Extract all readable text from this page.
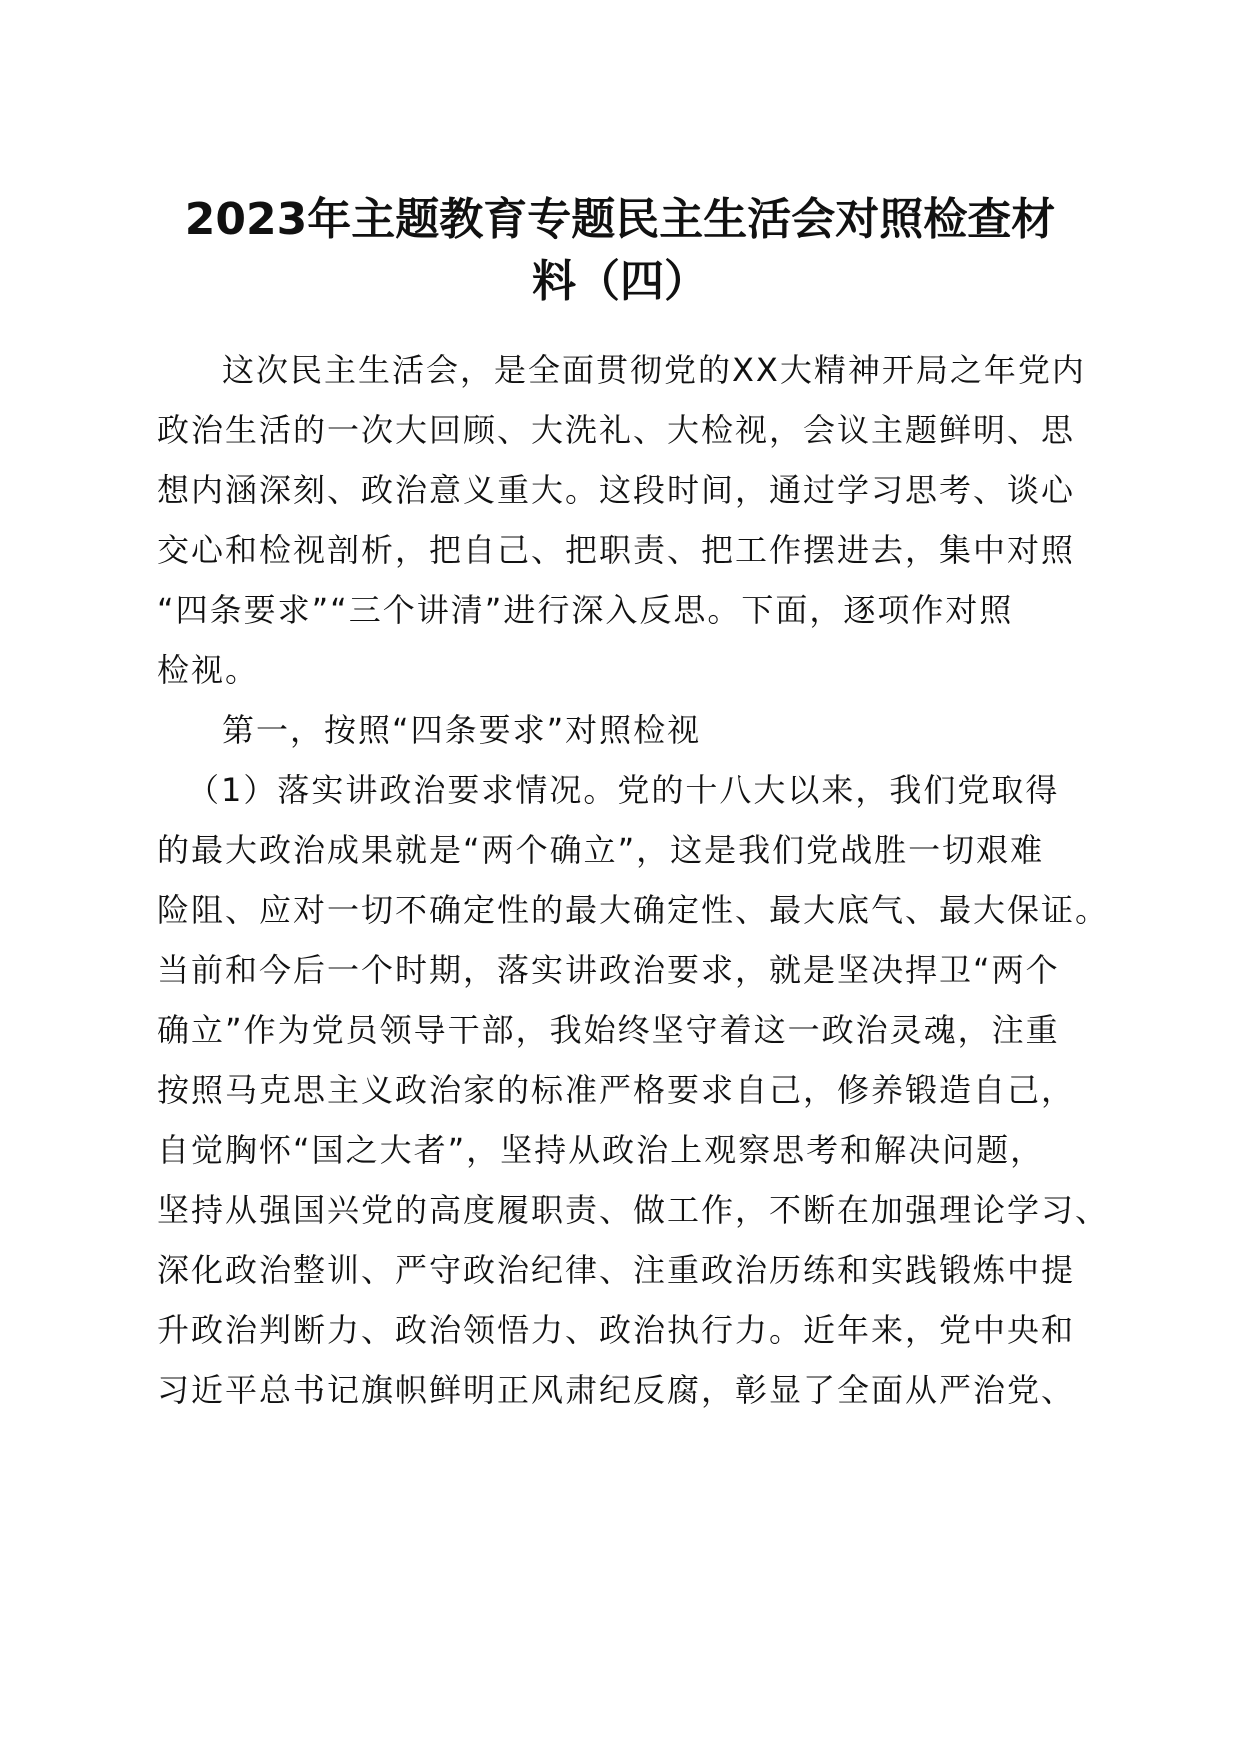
2023年主题教育专题民主生活会对照检查材
料（四）
这次民主生活会，是全面贯彻党的XX大精神开局之年党内
政治生活的一次大回顾、大洗礼、大检视，会议主题鲜明、思
想内涵深刻、政治意义重大。这段时间，通过学习思考、谈心
交心和检视剖析，把自己、把职责、把工作摆进去，集中对照
“四条要求”“三个讲清”进行深入反思。下面，逐项作对照
检视。
第一，按照“四条要求”对照检视
（1）落实讲政治要求情况。党的十八大以来，我们党取得
的最大政治成果就是“两个确立”，这是我们党战胜一切艰难
险阻、应对一切不确定性的最大确定性、最大底气、最大保证。
当前和今后一个时期，落实讲政治要求，就是坚决捍卫“两个
确立”作为党员领导干部，我始终坚守着这一政治灵魂，注重
按照马克思主义政治家的标准严格要求自己，修养锻造自己，
自觉胸怀“国之大者”，坚持从政治上观察思考和解决问题，
坚持从强国兴党的高度履职责、做工作，不断在加强理论学习、
深化政治整训、严守政治纪律、注重政治历练和实践锻炼中提
升政治判断力、政治领悟力、政治执行力。近年来，党中央和
习近平总书记旗帜鲜明正风肃纪反腐，彰显了全面从严治党、
